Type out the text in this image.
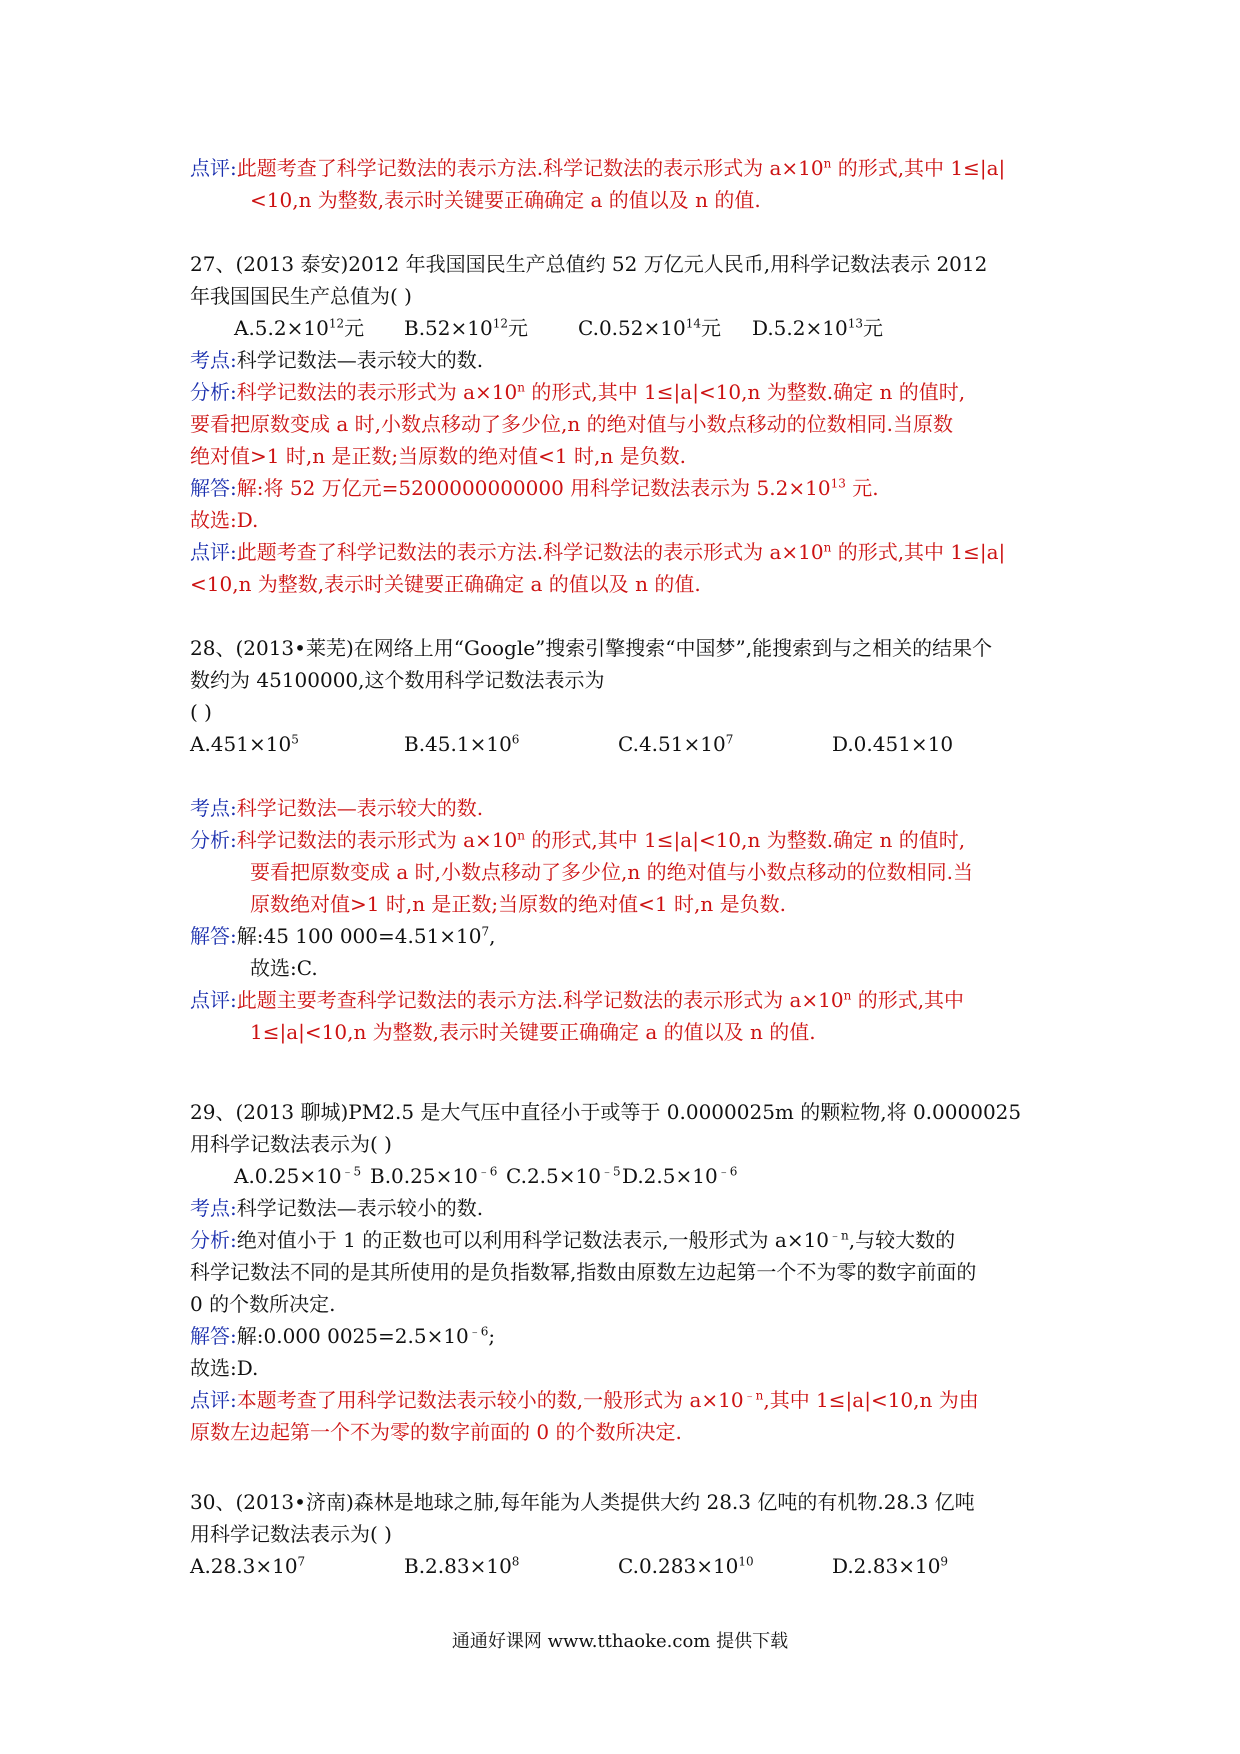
点评:此题考查了科学记数法的表示方法.科学记数法的表示形式为 $a\times 10^n$ 的形式,其中 1≤|a|
<10,n 为整数,表示时关键要正确确定 a 的值以及 n 的值.
27、(2013 泰安)2012 年我国国民生产总值约 52 万亿元人民币,用科学记数法表示 2012
年我国国民生产总值为( )
$A.5.2\times 10^{12}$元 $B.52\times 10^{12}$元	$C.0.52\times 10^{14}$元 $D.5.2\times 10^{13}$元
考点:科学记数法—表示较大的数.
分析:科学记数法的表示形式为 $a\times 10^n$ 的形式,其中 1≤|a|<10,n 为整数.确定 n 的值时,
要看把原数变成 a 时,小数点移动了多少位,n 的绝对值与小数点移动的位数相同.当原数
绝对值>1 时,n 是正数;当原数的绝对值<1 时,n 是负数.
解答:解:将 52 万亿元=5200000000000 用科学记数法表示为 $5.2\times 10^{13}$ 元.
故选:D.
点评:此题考查了科学记数法的表示方法.科学记数法的表示形式为 $a\times 10^n$ 的形式,其中 1≤|a|
<10,n 为整数,表示时关键要正确确定 a 的值以及 n 的值.
28、(2013•莱芜)在网络上用“Google”搜索引擎搜索“中国梦”,能搜索到与之相关的结果个
数约为 45100000,这个数用科学记数法表示为
( )
$A.451\times 10^5$	$B.45.1\times 10^6$	$C.4.51\times 10^7$	D.0.451×10
考点:科学记数法—表示较大的数.
分析:科学记数法的表示形式为 $a\times 10^n$ 的形式,其中 1≤|a|<10,n 为整数.确定 n 的值时,
要看把原数变成 a 时,小数点移动了多少位,n 的绝对值与小数点移动的位数相同.当
原数绝对值>1 时,n 是正数;当原数的绝对值<1 时,n 是负数.
解答:解:45 100 $000=4.51\times 10^7$,
故选:C.
点评:此题主要考查科学记数法的表示方法.科学记数法的表示形式为 $a\times 10^n$ 的形式,其中
1≤|a|<10,n 为整数,表示时关键要正确确定 a 的值以及 n 的值.
29、(2013 聊城)PM2.5 是大气压中直径小于或等于 0.0000025m 的颗粒物,将 0.0000025
用科学记数法表示为( )
$A.0.25\times 10^{﹣5}$ $B.0.25\times 10^{﹣6}$ $C.2.5\times 10^{﹣5}$ $D.2.5\times 10^{﹣6}$
考点:科学记数法—表示较小的数.
分析:绝对值小于 1 的正数也可以利用科学记数法表示,一般形式为 $a\times 10^{﹣n}$,与较大数的
科学记数法不同的是其所使用的是负指数幂,指数由原数左边起第一个不为零的数字前面的
0 的个数所决定.
解答:解:0.000 $0025=2.5\times 10^{﹣6}$;
故选:D.
点评:本题考查了用科学记数法表示较小的数,一般形式为 $a\times 10^{﹣n}$,其中 1≤|a|<10,n 为由
原数左边起第一个不为零的数字前面的 0 的个数所决定.
30、(2013•济南)森林是地球之肺,每年能为人类提供大约 28.3 亿吨的有机物.28.3 亿吨
用科学记数法表示为( )
$A.28.3\times 10^7$	$B.2.83\times 10^8$	$C.0.283\times 10^{10}$	$D.2.83\times 10^9$
通通好课网 www.tthaoke.com 提供下载
